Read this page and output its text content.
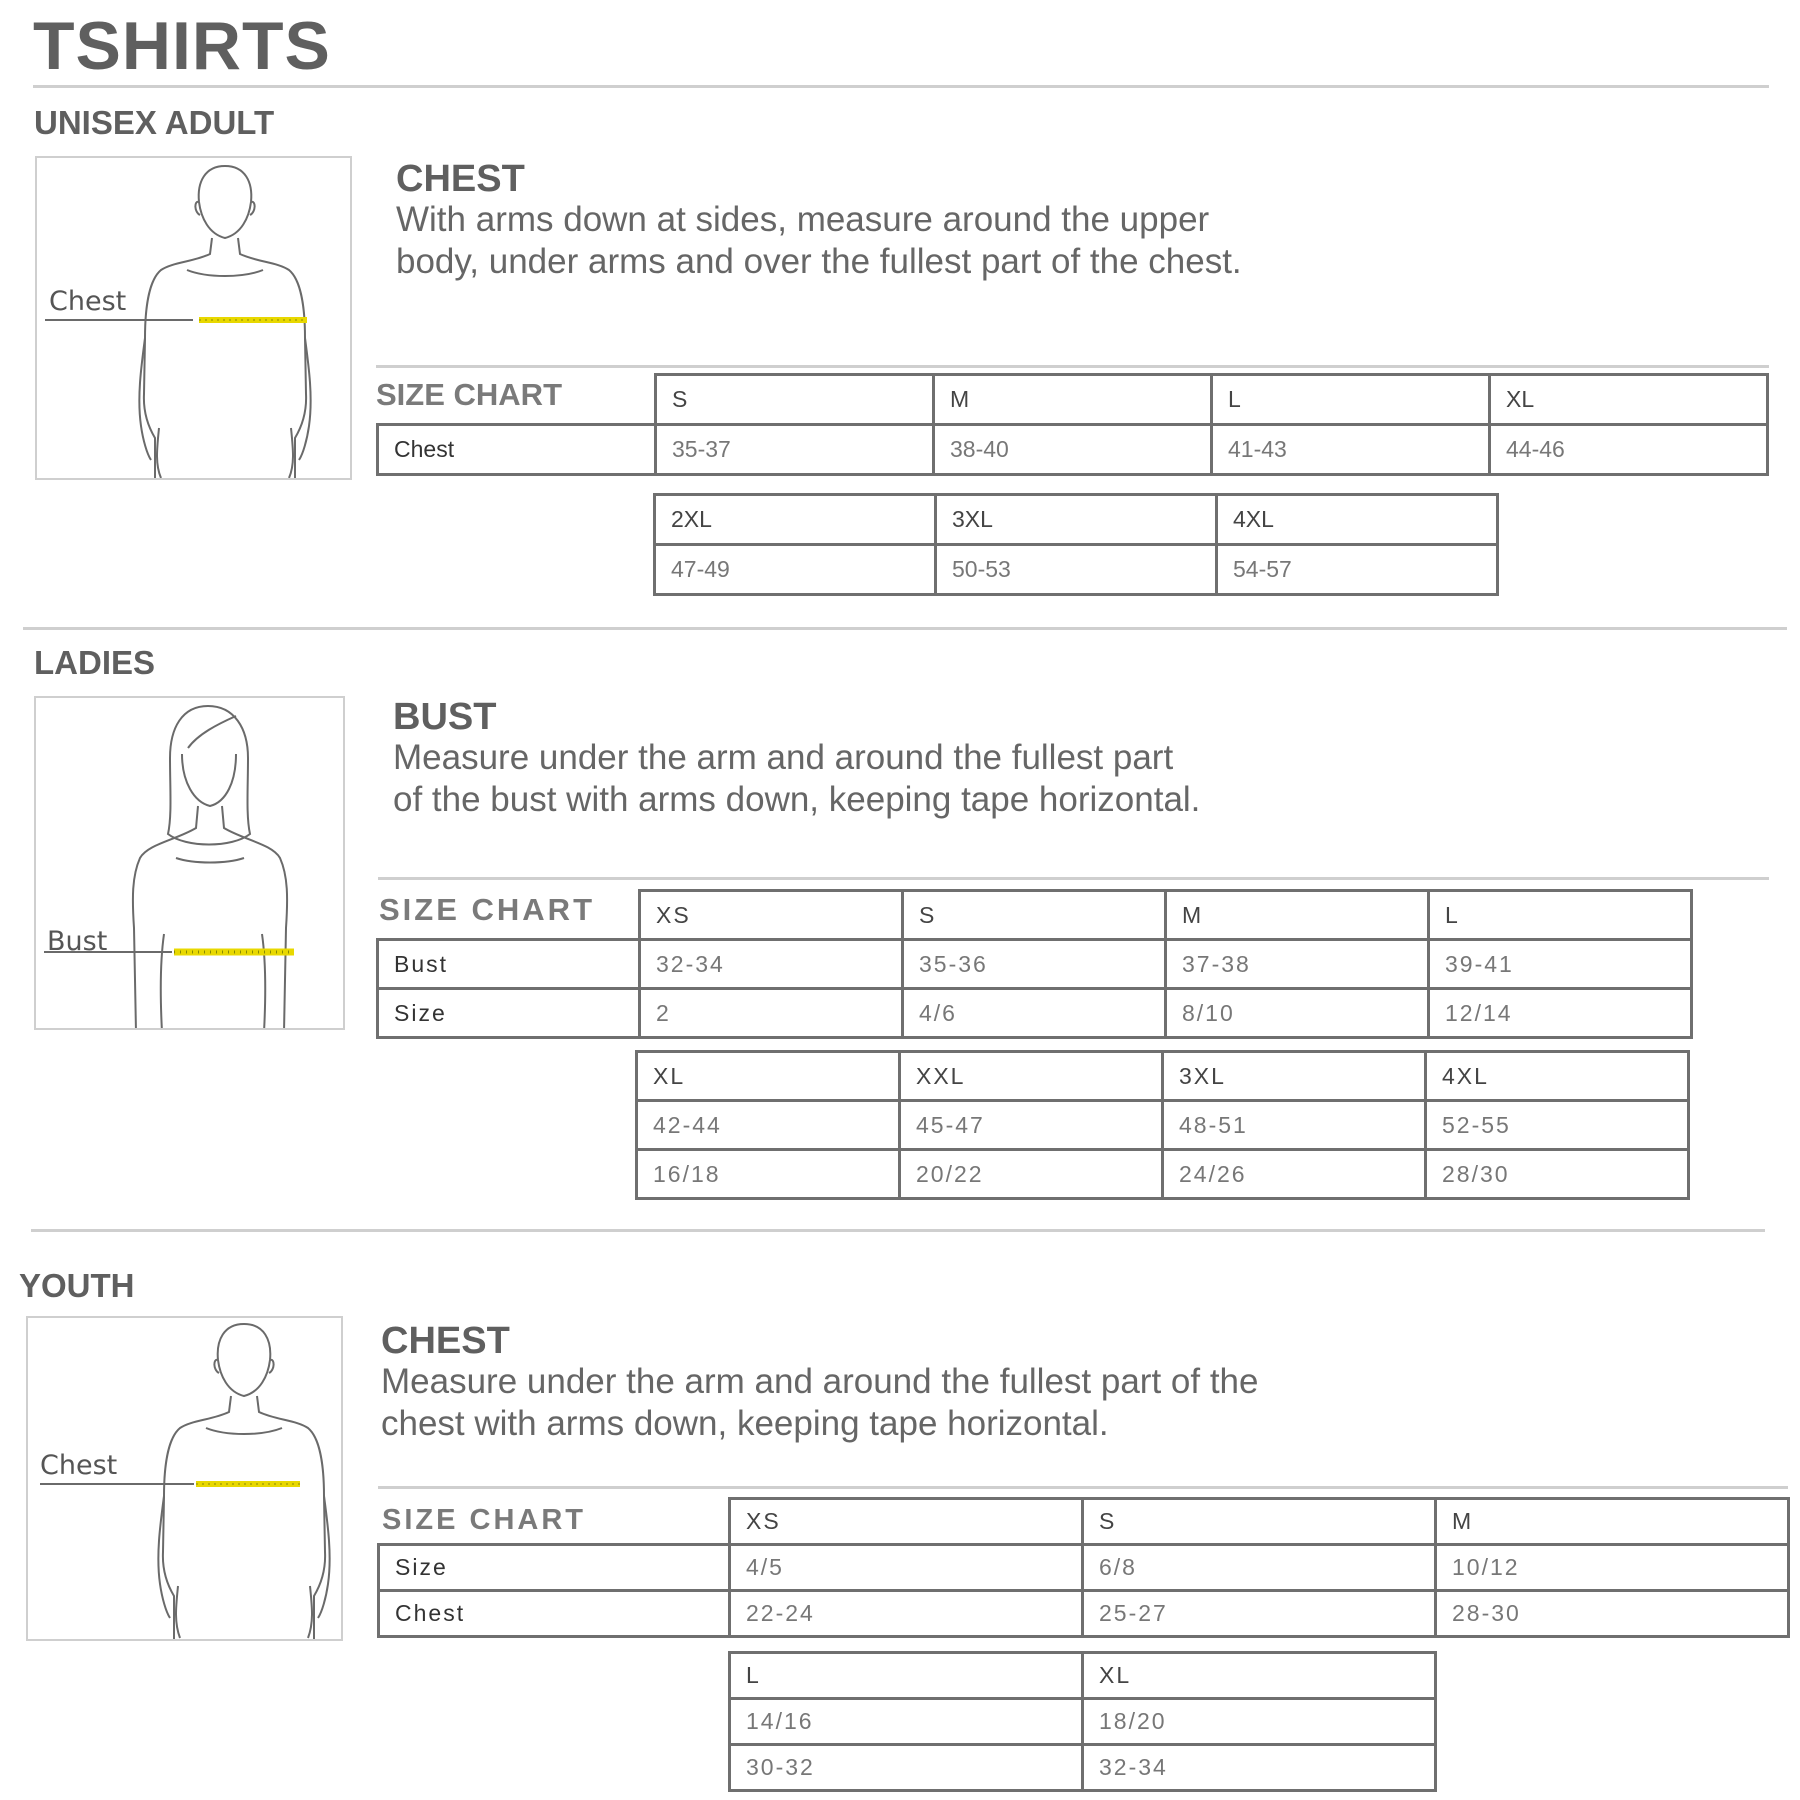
TSHIRTS
UNISEX ADULT
Chest
CHEST
With arms down at sides, measure around the upper
body, under arms and over the fullest part of the chest.
SIZE CHART
		S	M	L	XL
Chest	35-37	38-40	41-43	44-46
2XL	3XL	4XL
47-49	50-53	54-57
LADIES
Bust
BUST
Measure under the arm and around the fullest part
of the bust with arms down, keeping tape horizontal.
SIZE CHART
		XS	S	M	L
Bust	32-34	35-36	37-38	39-41
Size	2	4/6	8/10	12/14
XL	XXL	3XL	4XL
42-44	45-47	48-51	52-55
16/18	20/22	24/26	28/30
YOUTH
Chest
CHEST
Measure under the arm and around the fullest part of the
chest with arms down, keeping tape horizontal.
SIZE CHART
		XS	S	M
Size	4/5	6/8	10/12
Chest	22-24	25-27	28-30
L	XL
14/16	18/20
30-32	32-34
